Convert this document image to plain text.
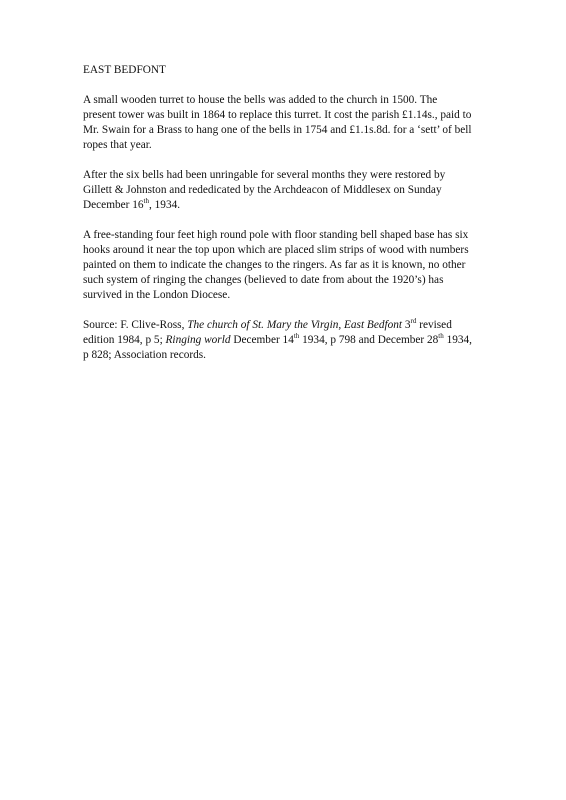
EAST BEDFONT

A small wooden turret to house the bells was added to the church in 1500. The
present tower was built in 1864 to replace this turret. It cost the parish £1.14s., paid to
Mr. Swain for a Brass to hang one of the bells in 1754 and £1.1s.8d. for a ‘sett’ of bell
ropes that year.

After the six bells had been unringable for several months they were restored by
Gillett & Johnston and rededicated by the Archdeacon of Middlesex on Sunday
December 16th, 1934.

A free-standing four feet high round pole with floor standing bell shaped base has six
hooks around it near the top upon which are placed slim strips of wood with numbers
painted on them to indicate the changes to the ringers. As far as it is known, no other
such system of ringing the changes (believed to date from about the 1920’s) has
survived in the London Diocese.

Source: F. Clive-Ross, The church of St. Mary the Virgin, East Bedfont 3rd revised
edition 1984, p 5; Ringing world December 14th 1934, p 798 and December 28th 1934,
p 828; Association records.
